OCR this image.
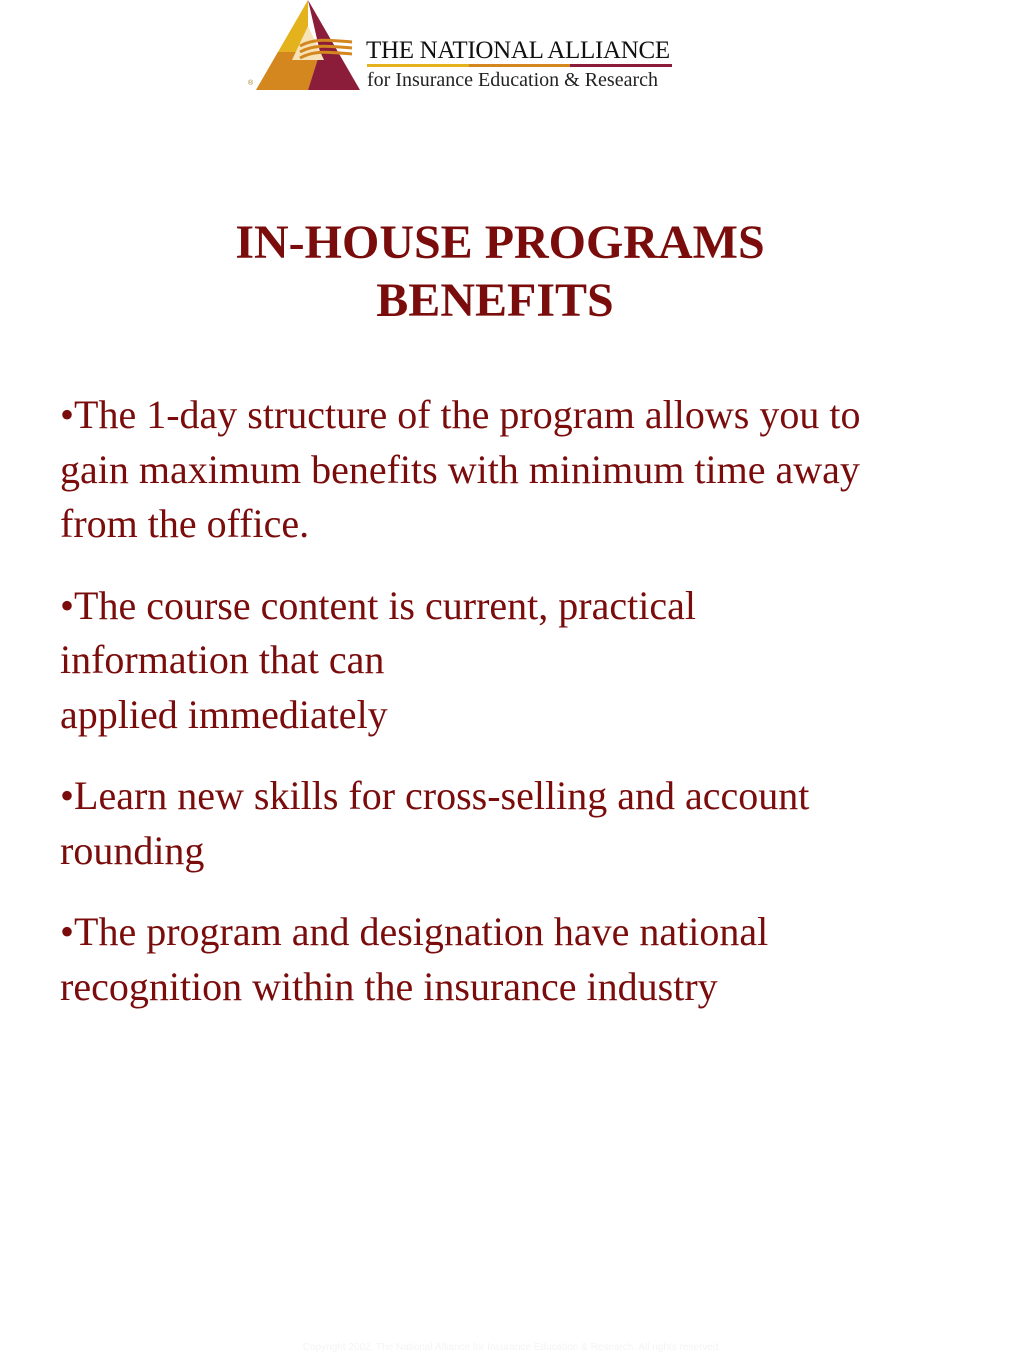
®
THE NATIONAL ALLIANCE
for Insurance Education & Research
IN-HOUSE PROGRAMS
BENEFITS
•The 1-day structure of the program allows you to
gain maximum benefits with minimum time away
from the office.
•The course content is current, practical
information that can
applied immediately
•Learn new skills for cross-selling and account
rounding
•The program and designation have national
recognition within the insurance industry
Copyright 2002, The National Alliance for Insurance Education & Research. All rights reserved.
